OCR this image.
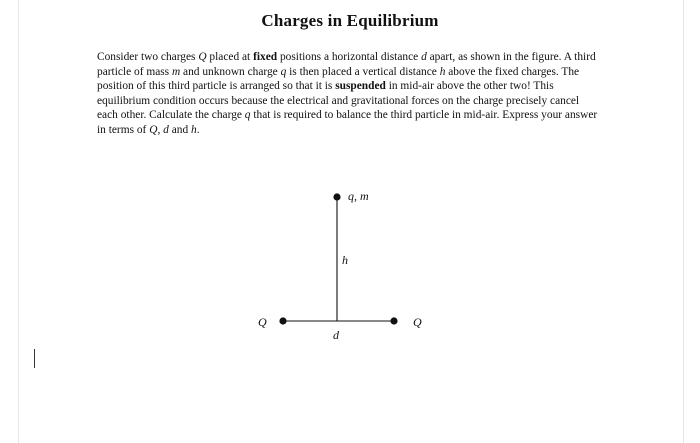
Charges in Equilibrium
Consider two charges Q placed at fixed positions a horizontal distance d apart, as shown in the figure. A third particle of mass m and unknown charge q is then placed a vertical distance h above the fixed charges. The position of this third particle is arranged so that it is suspended in mid-air above the other two! This equilibrium condition occurs because the electrical and gravitational forces on the charge precisely cancel each other. Calculate the charge q that is required to balance the third particle in mid-air. Express your answer in terms of Q, d and h.
q, m
h
Q	Q
d
